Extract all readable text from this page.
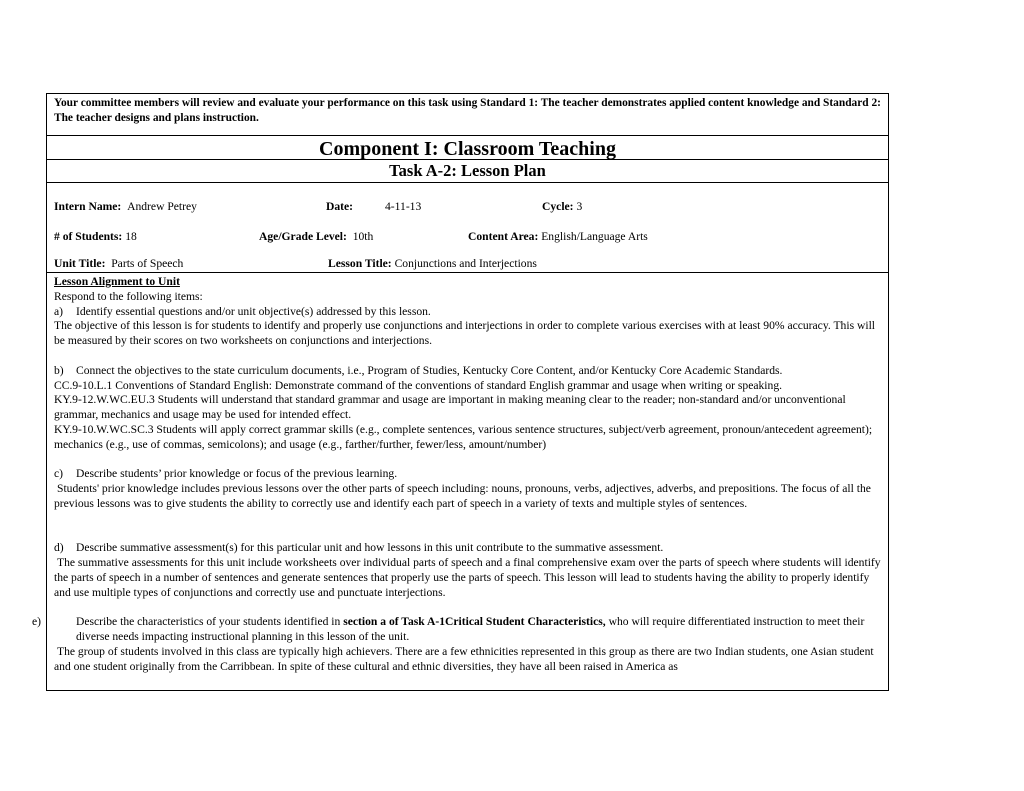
Your committee members will review and evaluate your performance on this task using Standard 1: The teacher demonstrates applied content knowledge and Standard 2: The teacher designs and plans instruction.
Component I: Classroom Teaching
Task A-2: Lesson Plan
Intern Name: Andrew Petrey	Date:	4-11-13	Cycle: 3
# of Students: 18	Age/Grade Level: 10th	Content Area: English/Language Arts
Unit Title: Parts of Speech	Lesson Title: Conjunctions and Interjections

Lesson Alignment to Unit

Respond to the following items:

a) Identify essential questions and/or unit objective(s) addressed by this lesson.

The objective of this lesson is for students to identify and properly use conjunctions and interjections in order to complete various exercises with at least 90% accuracy. This will be measured by their scores on two worksheets on conjunctions and interjections.

b) Connect the objectives to the state curriculum documents, i.e., Program of Studies, Kentucky Core Content, and/or Kentucky Core Academic Standards.

CC.9-10.L.1 Conventions of Standard English: Demonstrate command of the conventions of standard English grammar and usage when writing or speaking.

KY.9-12.W.WC.EU.3 Students will understand that standard grammar and usage are important in making meaning clear to the reader; non-standard and/or unconventional grammar, mechanics and usage may be used for intended effect.

KY.9-10.W.WC.SC.3 Students will apply correct grammar skills (e.g., complete sentences, various sentence structures, subject/verb agreement, pronoun/antecedent agreement); mechanics (e.g., use of commas, semicolons); and usage (e.g., farther/further, fewer/less, amount/number)

c) Describe students’ prior knowledge or focus of the previous learning.

Students' prior knowledge includes previous lessons over the other parts of speech including: nouns, pronouns, verbs, adjectives, adverbs, and prepositions. The focus of all the previous lessons was to give students the ability to correctly use and identify each part of speech in a variety of texts and multiple styles of sentences.

d) Describe summative assessment(s) for this particular unit and how lessons in this unit contribute to the summative assessment.

The summative assessments for this unit include worksheets over individual parts of speech and a final comprehensive exam over the parts of speech where students will identify the parts of speech in a number of sentences and generate sentences that properly use the parts of speech. This lesson will lead to students having the ability to properly identify and use multiple types of conjunctions and correctly use and punctuate interjections.

e)	Describe the characteristics of your students identified in section a of Task A-1Critical Student Characteristics, who will require differentiated instruction to meet their diverse needs impacting instructional planning in this lesson of the unit.

The group of students involved in this class are typically high achievers. There are a few ethnicities represented in this group as there are two Indian students, one Asian student and one student originally from the Carribbean. In spite of these cultural and ethnic diversities, they have all been raised in America as
